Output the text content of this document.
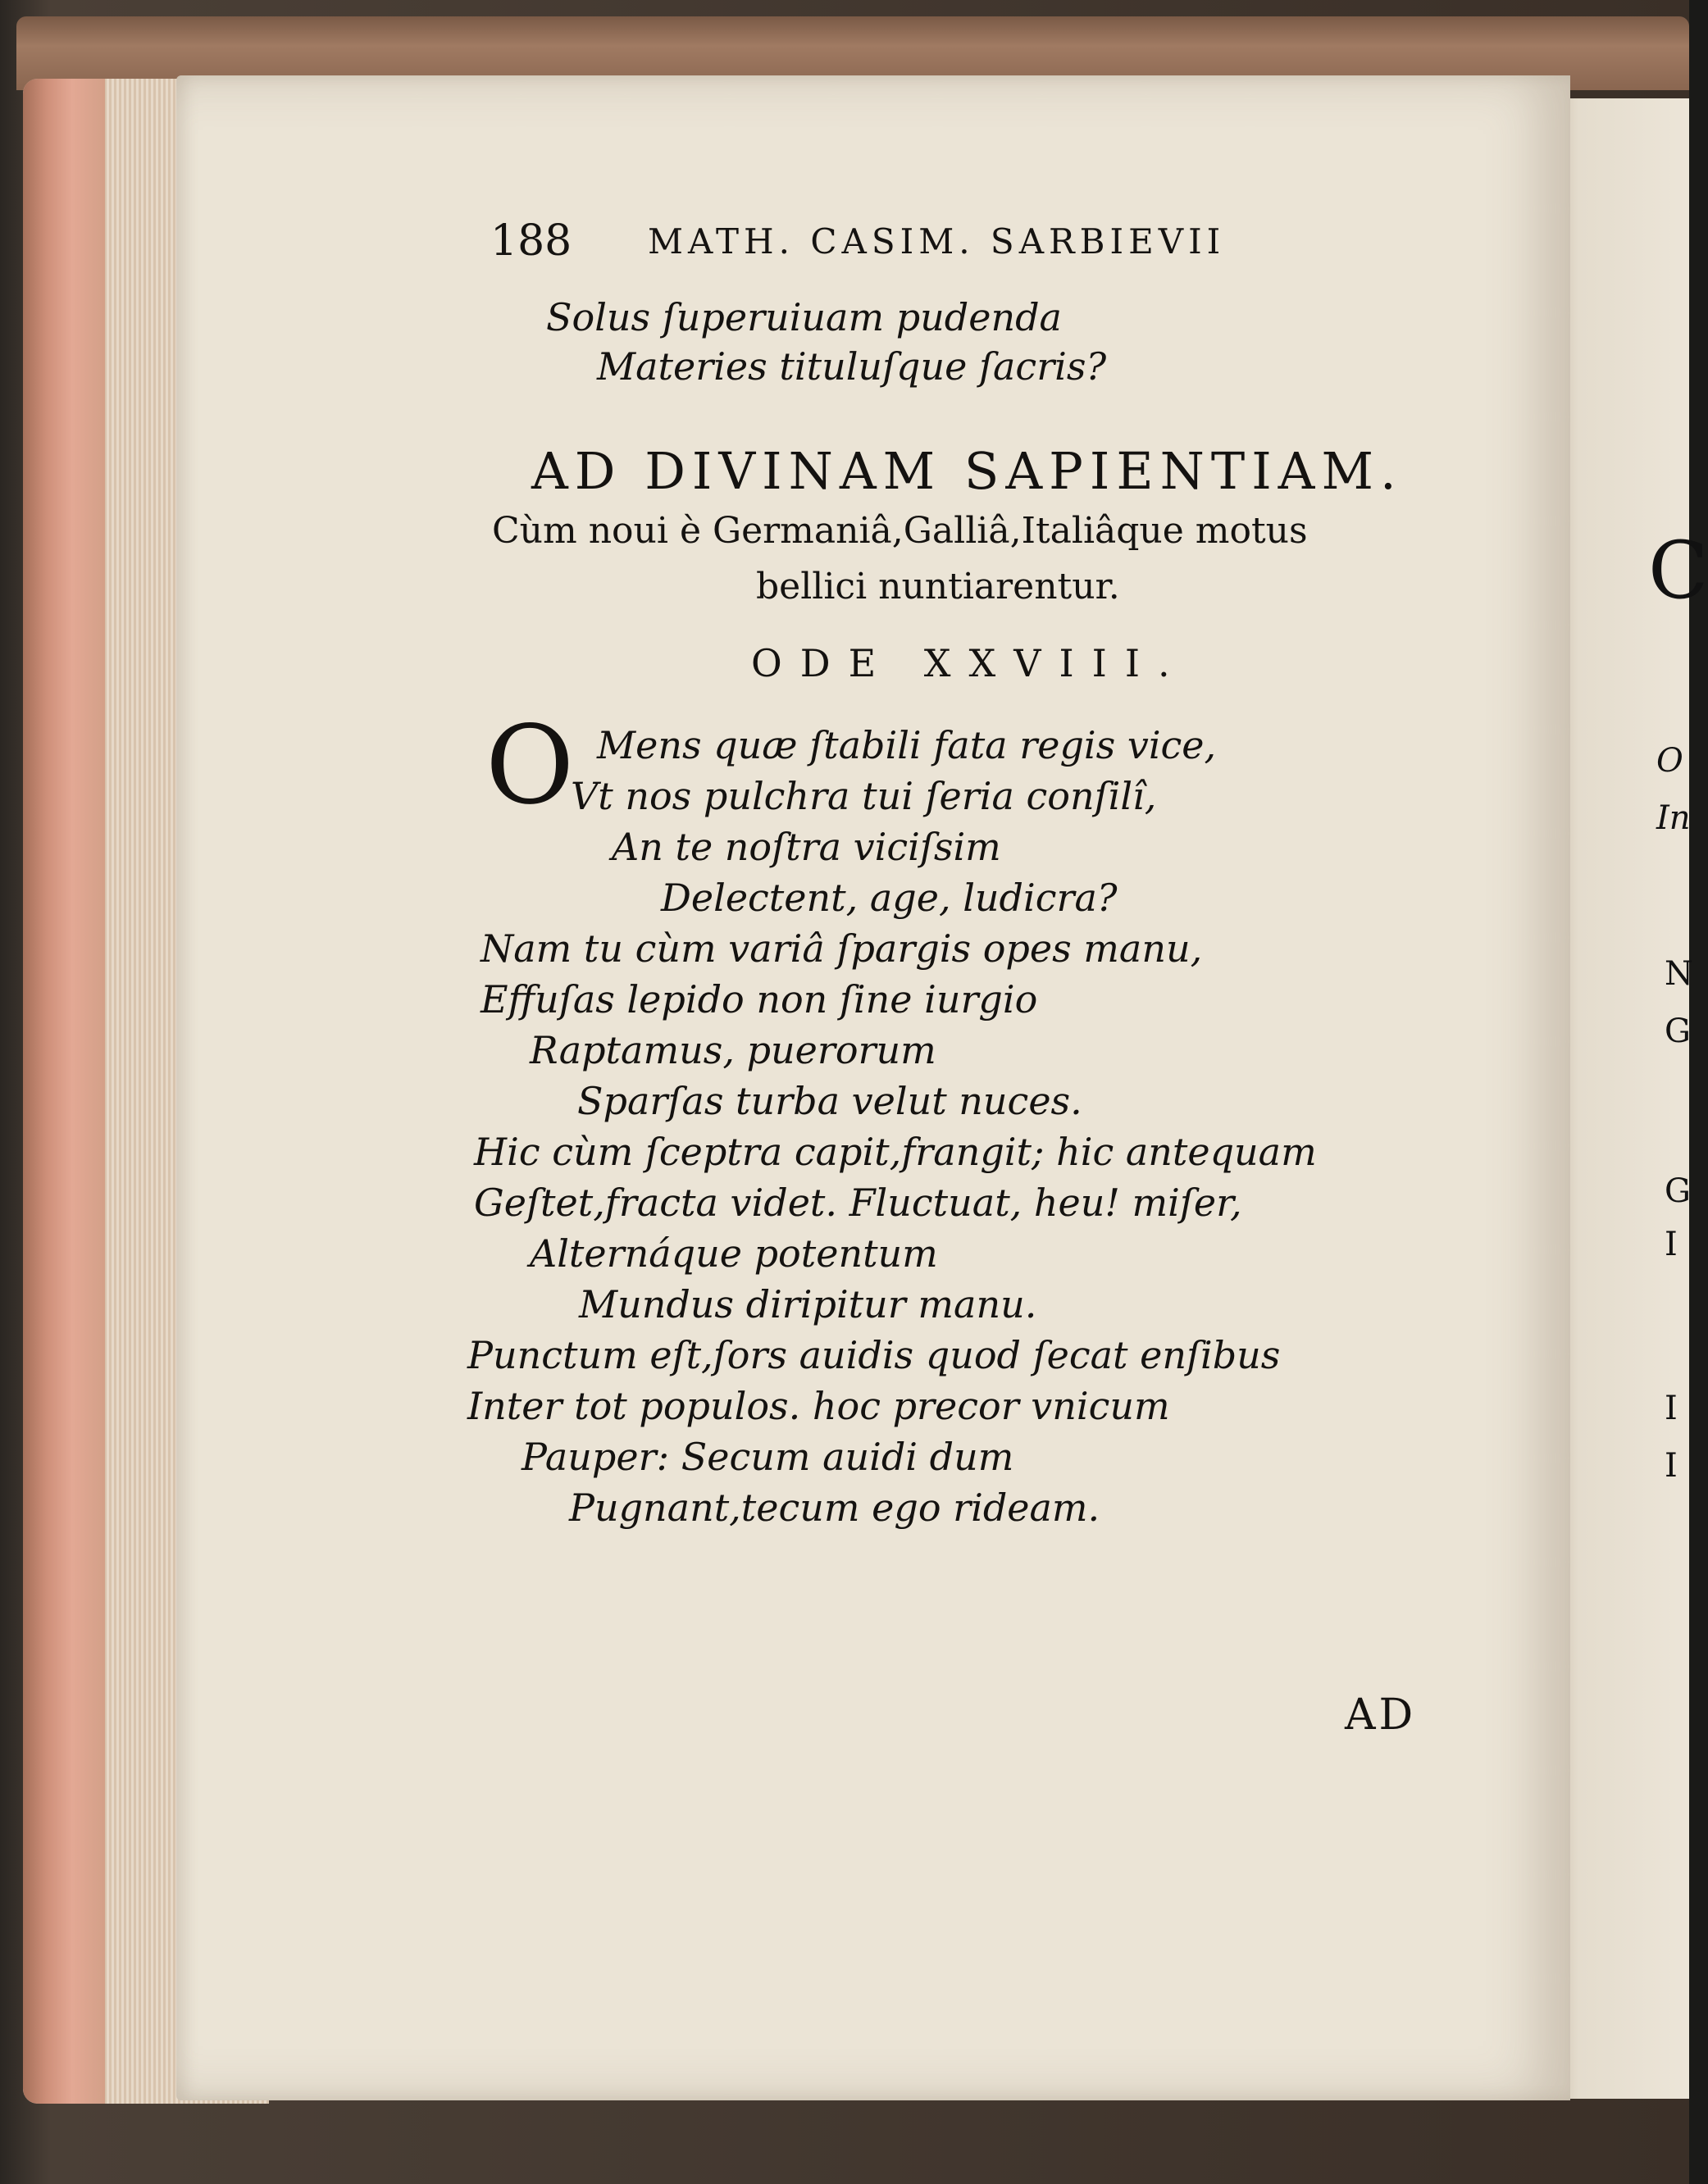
C
O
In
N
G
G
I
I
I
188 MATH. CASIM. SARBIEVII
Solus ſuperuiuam pudenda
Materies tituluſque ſacris?
AD DIVINAM SAPIENTIAM.
Cùm noui è Germaniâ,Galliâ,Italiâque motus
bellici nuntiarentur.
ODE XXVIII.
O Mens quæ ſtabili fata regis vice,
Vt nos pulchra tui ſeria conſilî,
An te noſtra viciſsim
Delectent, age, ludicra?
Nam tu cùm variâ ſpargis opes manu,
Effuſas lepido non ſine iurgio
Raptamus, puerorum
Sparſas turba velut nuces.
Hic cùm ſceptra capit,frangit; hic antequam
Geſtet,fracta videt. Fluctuat, heu! miſer,
Alternáque potentum
Mundus diripitur manu.
Punctum eſt,ſors auidis quod ſecat enſibus
Inter tot populos. hoc precor vnicum
Pauper: Secum auidi dum
Pugnant,tecum ego rideam.
AD
